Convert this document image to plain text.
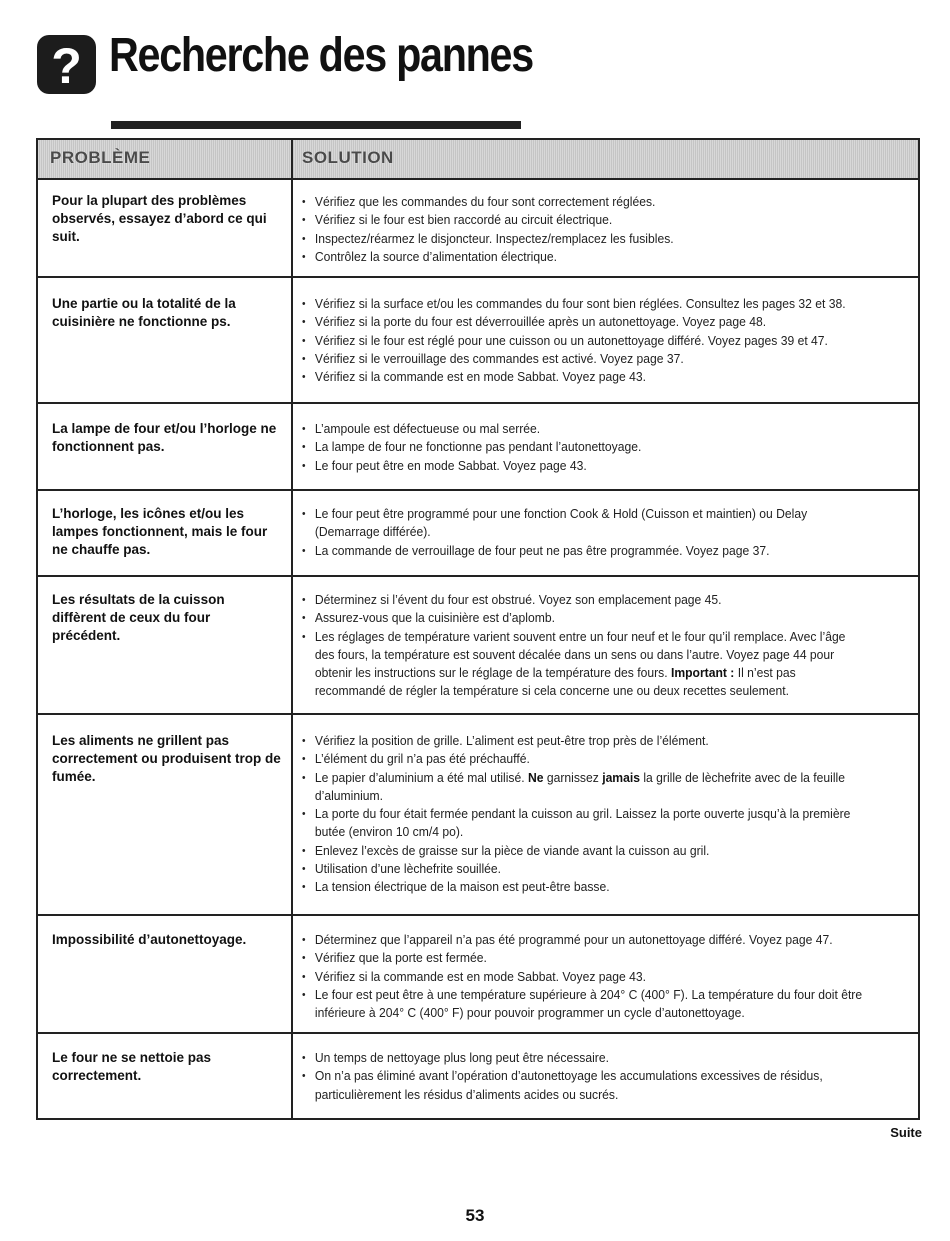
? Recherche des pannes
PROBLÈME	SOLUTION
Pour la plupart des problèmes observés, essayez d’abord ce qui suit.
• Vérifiez que les commandes du four sont correctement réglées.
• Vérifiez si le four est bien raccordé au circuit électrique.
• Inspectez/réarmez le disjoncteur. Inspectez/remplacez les fusibles.
• Contrôlez la source d’alimentation électrique.
Une partie ou la totalité de la cuisinière ne fonctionne ps.
• Vérifiez si la surface et/ou les commandes du four sont bien réglées. Consultez les pages 32 et 38.
• Vérifiez si la porte du four est déverrouillée après un autonettoyage. Voyez page 48.
• Vérifiez si le four est réglé pour une cuisson ou un autonettoyage différé. Voyez pages 39 et 47.
• Vérifiez si le verrouillage des commandes est activé. Voyez page 37.
• Vérifiez si la commande est en mode Sabbat. Voyez page 43.
La lampe de four et/ou l’horloge ne fonctionnent pas.
• L’ampoule est défectueuse ou mal serrée.
• La lampe de four ne fonctionne pas pendant l’autonettoyage.
• Le four peut être en mode Sabbat. Voyez page 43.
L’horloge, les icônes et/ou les lampes fonctionnent, mais le four ne chauffe pas.
• Le four peut être programmé pour une fonction Cook & Hold (Cuisson et maintien) ou Delay (Demarrage différée).
• La commande de verrouillage de four peut ne pas être programmée. Voyez page 37.
Les résultats de la cuisson diffèrent de ceux du four précédent.
• Déterminez si l’évent du four est obstrué. Voyez son emplacement page 45.
• Assurez-vous que la cuisinière est d’aplomb.
• Les réglages de température varient souvent entre un four neuf et le four qu’il remplace. Avec l’âge des fours, la température est souvent décalée dans un sens ou dans l’autre. Voyez page 44 pour obtenir les instructions sur le réglage de la température des fours. Important : Il n’est pas recommandé de régler la température si cela concerne une ou deux recettes seulement.
Les aliments ne grillent pas correctement ou produisent trop de fumée.
• Vérifiez la position de grille. L’aliment est peut-être trop près de l’élément.
• L’élément du gril n’a pas été préchauffé.
• Le papier d’aluminium a été mal utilisé. Ne garnissez jamais la grille de lèchefrite avec de la feuille d’aluminium.
• La porte du four était fermée pendant la cuisson au gril. Laissez la porte ouverte jusqu’à la première butée (environ 10 cm/4 po).
• Enlevez l’excès de graisse sur la pièce de viande avant la cuisson au gril.
• Utilisation d’une lèchefrite souillée.
• La tension électrique de la maison est peut-être basse.
Impossibilité d’autonettoyage.
•	Déterminez que l’appareil n’a pas été programmé pour un autonettoyage différé. Voyez page 47.
• Vérifiez que la porte est fermée.
• Vérifiez si la commande est en mode Sabbat. Voyez page 43.
• Le four est peut être à une température supérieure à 204° C (400° F). La température du four doit être inférieure à 204° C (400° F) pour pouvoir programmer un cycle d’autonettoyage.
Le four ne se nettoie pas correctement.
• Un temps de nettoyage plus long peut être nécessaire.
• On n’a pas éliminé avant l’opération d’autonettoyage les accumulations excessives de résidus, particulièrement les résidus d’aliments acides ou sucrés.
Suite
53
